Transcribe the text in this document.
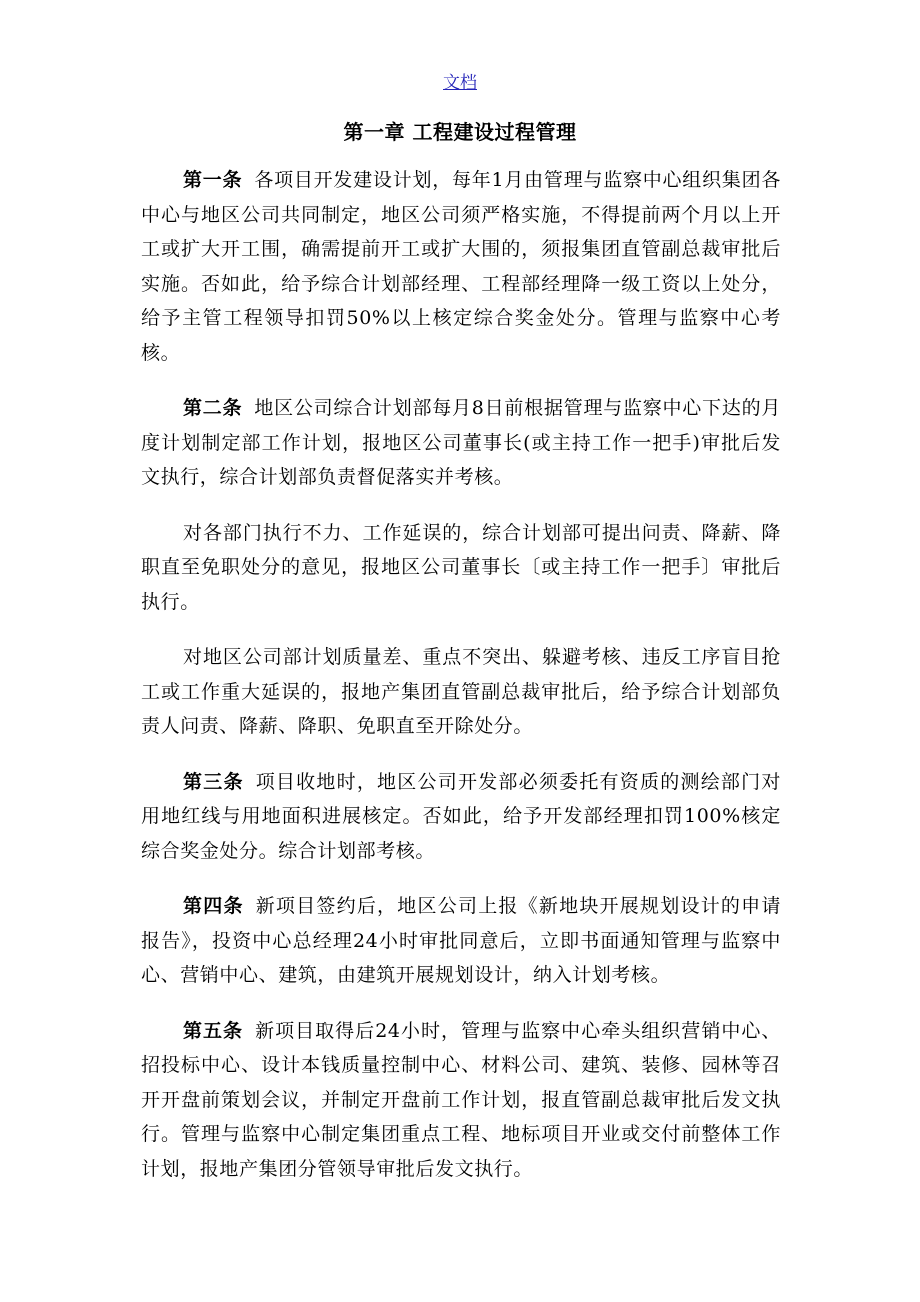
文档
第一章 工程建设过程管理

第一条 各项目开发建设计划，每年1月由管理与监察中心组织集团各中心与地区公司共同制定，地区公司须严格实施，不得提前两个月以上开工或扩大开工围，确需提前开工或扩大围的，须报集团直管副总裁审批后实施。否如此，给予综合计划部经理、工程部经理降一级工资以上处分，给予主管工程领导扣罚50%以上核定综合奖金处分。管理与监察中心考核。

第二条 地区公司综合计划部每月8日前根据管理与监察中心下达的月度计划制定部工作计划，报地区公司董事长(或主持工作一把手)审批后发文执行，综合计划部负责督促落实并考核。

对各部门执行不力、工作延误的，综合计划部可提出问责、降薪、降职直至免职处分的意见，报地区公司董事长〔或主持工作一把手〕审批后执行。

对地区公司部计划质量差、重点不突出、躲避考核、违反工序盲目抢工或工作重大延误的，报地产集团直管副总裁审批后，给予综合计划部负责人问责、降薪、降职、免职直至开除处分。

第三条 项目收地时，地区公司开发部必须委托有资质的测绘部门对用地红线与用地面积进展核定。否如此，给予开发部经理扣罚100%核定综合奖金处分。综合计划部考核。

第四条 新项目签约后，地区公司上报《新地块开展规划设计的申请报告》，投资中心总经理24小时审批同意后，立即书面通知管理与监察中心、营销中心、建筑，由建筑开展规划设计，纳入计划考核。

第五条 新项目取得后24小时，管理与监察中心牵头组织营销中心、招投标中心、设计本钱质量控制中心、材料公司、建筑、装修、园林等召开开盘前策划会议，并制定开盘前工作计划，报直管副总裁审批后发文执行。管理与监察中心制定集团重点工程、地标项目开业或交付前整体工作计划，报地产集团分管领导审批后发文执行。
